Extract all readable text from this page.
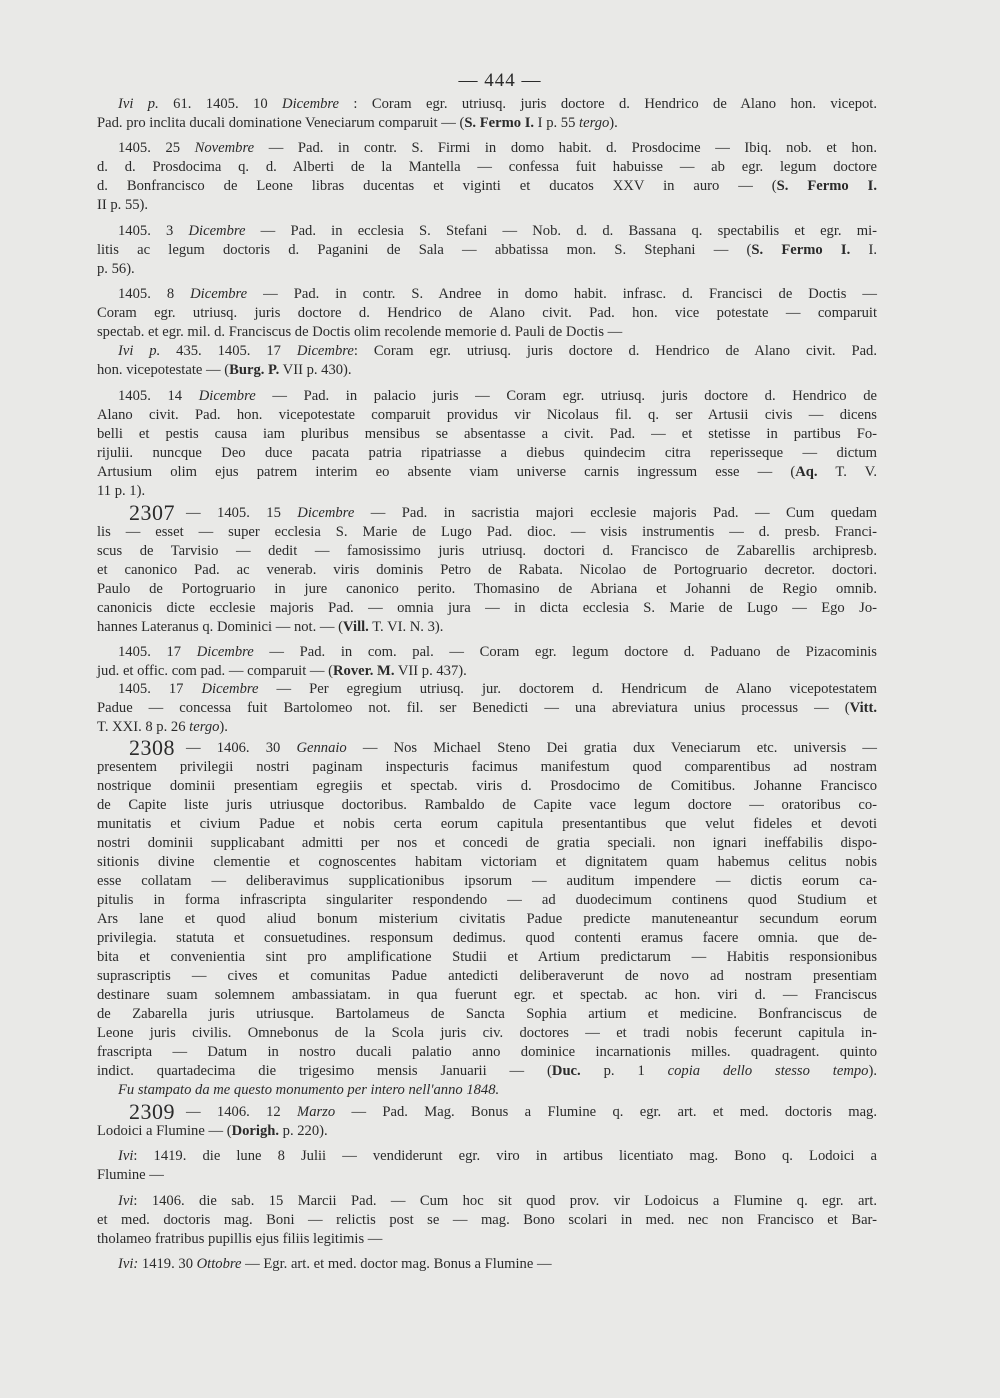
— 444 —
Ivi p. 61. 1405. 10 Dicembre : Coram egr. utriusq. juris doctore d. Hendrico de Alano hon. vicepot.
Pad. pro inclita ducali dominatione Veneciarum comparuit — (S. Fermo I. I p. 55 tergo).
1405. 25 Novembre — Pad. in contr. S. Firmi in domo habit. d. Prosdocime — Ibiq. nob. et hon.
d. d. Prosdocima q. d. Alberti de la Mantella — confessa fuit habuisse — ab egr. legum doctore
d. Bonfrancisco de Leone libras ducentas et viginti et ducatos XXV in auro — (S. Fermo I.
II p. 55).
1405. 3 Dicembre — Pad. in ecclesia S. Stefani — Nob. d. d. Bassana q. spectabilis et egr. mi-
litis ac legum doctoris d. Paganini de Sala — abbatissa mon. S. Stephani — (S. Fermo I. I.
p. 56).
1405. 8 Dicembre — Pad. in contr. S. Andree in domo habit. infrasc. d. Francisci de Doctis —
Coram egr. utriusq. juris doctore d. Hendrico de Alano civit. Pad. hon. vice potestate — comparuit
spectab. et egr. mil. d. Franciscus de Doctis olim recolende memorie d. Pauli de Doctis —
Ivi p. 435. 1405. 17 Dicembre: Coram egr. utriusq. juris doctore d. Hendrico de Alano civit. Pad.
hon. vicepotestate — (Burg. P. VII p. 430).
1405. 14 Dicembre — Pad. in palacio juris — Coram egr. utriusq. juris doctore d. Hendrico de
Alano civit. Pad. hon. vicepotestate comparuit providus vir Nicolaus fil. q. ser Artusii civis — dicens
belli et pestis causa iam pluribus mensibus se absentasse a civit. Pad. — et stetisse in partibus Fo-
rijulii. nuncque Deo duce pacata patria ripatriasse a diebus quindecim citra reperisseque — dictum
Artusium olim ejus patrem interim eo absente viam universe carnis ingressum esse — (Aq. T. V.
11 p. 1).
2307 — 1405. 15 Dicembre — Pad. in sacristia majori ecclesie majoris Pad. — Cum quedam
lis — esset — super ecclesia S. Marie de Lugo Pad. dioc. — visis instrumentis — d. presb. Franci-
scus de Tarvisio — dedit — famosissimo juris utriusq. doctori d. Francisco de Zabarellis archipresb.
et canonico Pad. ac venerab. viris dominis Petro de Rabata. Nicolao de Portogruario decretor. doctori.
Paulo de Portogruario in jure canonico perito. Thomasino de Abriana et Johanni de Regio omnib.
canonicis dicte ecclesie majoris Pad. — omnia jura — in dicta ecclesia S. Marie de Lugo — Ego Jo-
hannes Lateranus q. Dominici — not. — (Vill. T. VI. N. 3).
1405. 17 Dicembre — Pad. in com. pal. — Coram egr. legum doctore d. Paduano de Pizacominis
jud. et offic. com pad. — comparuit — (Rover. M. VII p. 437).
1405. 17 Dicembre — Per egregium utriusq. jur. doctorem d. Hendricum de Alano vicepotestatem
Padue — concessa fuit Bartolomeo not. fil. ser Benedicti — una abreviatura unius processus — (Vitt.
T. XXI. 8 p. 26 tergo).
2308 — 1406. 30 Gennaio — Nos Michael Steno Dei gratia dux Veneciarum etc. universis —
presentem privilegii nostri paginam inspecturis facimus manifestum quod comparentibus ad nostram
nostrique dominii presentiam egregiis et spectab. viris d. Prosdocimo de Comitibus. Johanne Francisco
de Capite liste juris utriusque doctoribus. Rambaldo de Capite vace legum doctore — oratoribus co-
munitatis et civium Padue et nobis certa eorum capitula presentantibus que velut fideles et devoti
nostri dominii supplicabant admitti per nos et concedi de gratia speciali. non ignari ineffabilis dispo-
sitionis divine clementie et cognoscentes habitam victoriam et dignitatem quam habemus celitus nobis
esse collatam — deliberavimus supplicationibus ipsorum — auditum impendere — dictis eorum ca-
pitulis in forma infrascripta singulariter respondendo — ad duodecimum continens quod Studium et
Ars lane et quod aliud bonum misterium civitatis Padue predicte manuteneantur secundum eorum
privilegia. statuta et consuetudines. responsum dedimus. quod contenti eramus facere omnia. que de-
bita et convenientia sint pro amplificatione Studii et Artium predictarum — Habitis responsionibus
suprascriptis — cives et comunitas Padue antedicti deliberaverunt de novo ad nostram presentiam
destinare suam solemnem ambassiatam. in qua fuerunt egr. et spectab. ac hon. viri d. — Franciscus
de Zabarella juris utriusque. Bartolameus de Sancta Sophia artium et medicine. Bonfranciscus de
Leone juris civilis. Omnebonus de la Scola juris civ. doctores — et tradi nobis fecerunt capitula in-
frascripta — Datum in nostro ducali palatio anno dominice incarnationis milles. quadragent. quinto
indict. quartadecima die trigesimo mensis Januarii — (Duc. p. 1 copia dello stesso tempo).
Fu stampato da me questo monumento per intero nell'anno 1848.
2309 — 1406. 12 Marzo — Pad. Mag. Bonus a Flumine q. egr. art. et med. doctoris mag.
Lodoici a Flumine — (Dorigh. p. 220).
Ivi: 1419. die lune 8 Julii — vendiderunt egr. viro in artibus licentiato mag. Bono q. Lodoici a
Flumine —
Ivi: 1406. die sab. 15 Marcii Pad. — Cum hoc sit quod prov. vir Lodoicus a Flumine q. egr. art.
et med. doctoris mag. Boni — relictis post se — mag. Bono scolari in med. nec non Francisco et Bar-
tholameo fratribus pupillis ejus filiis legitimis —
Ivi: 1419. 30 Ottobre — Egr. art. et med. doctor mag. Bonus a Flumine —
